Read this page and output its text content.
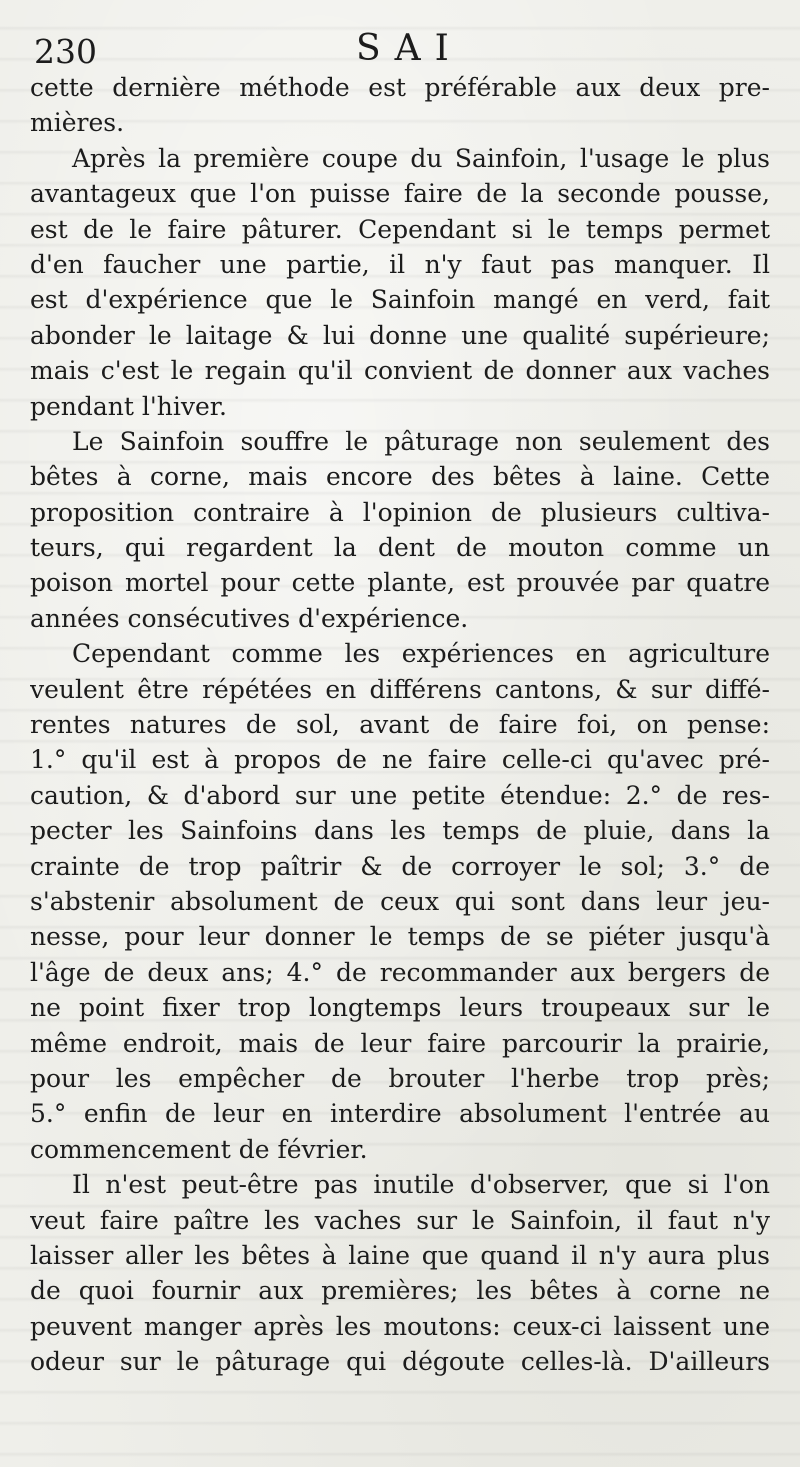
230	SAI
cette dernière méthode est préférable aux deux pre-
mières.
Après la première coupe du Sainfoin, l'usage le plus
avantageux que l'on puisse faire de la seconde pousse,
est de le faire pâturer. Cependant si le temps permet
d'en faucher une partie, il n'y faut pas manquer. Il
est d'expérience que le Sainfoin mangé en verd, fait
abonder le laitage & lui donne une qualité supérieure;
mais c'est le regain qu'il convient de donner aux vaches
pendant l'hiver.
Le Sainfoin souffre le pâturage non seulement des
bêtes à corne, mais encore des bêtes à laine. Cette
proposition contraire à l'opinion de plusieurs cultiva-
teurs, qui regardent la dent de mouton comme un
poison mortel pour cette plante, est prouvée par quatre
années consécutives d'expérience.
Cependant comme les expériences en agriculture
veulent être répétées en différens cantons, & sur diffé-
rentes natures de sol, avant de faire foi, on pense:
1.° qu'il est à propos de ne faire celle-ci qu'avec pré-
caution, & d'abord sur une petite étendue: 2.° de res-
pecter les Sainfoins dans les temps de pluie, dans la
crainte de trop paîtrir & de corroyer le sol; 3.° de
s'abstenir absolument de ceux qui sont dans leur jeu-
nesse, pour leur donner le temps de se piéter jusqu'à
l'âge de deux ans; 4.° de recommander aux bergers de
ne point fixer trop longtemps leurs troupeaux sur le
même endroit, mais de leur faire parcourir la prairie,
pour les empêcher de brouter l'herbe trop près;
5.° enfin de leur en interdire absolument l'entrée au
commencement de février.
Il n'est peut-être pas inutile d'observer, que si l'on
veut faire paître les vaches sur le Sainfoin, il faut n'y
laisser aller les bêtes à laine que quand il n'y aura plus
de quoi fournir aux premières; les bêtes à corne ne
peuvent manger après les moutons: ceux-ci laissent une
odeur sur le pâturage qui dégoute celles-là. D'ailleurs
